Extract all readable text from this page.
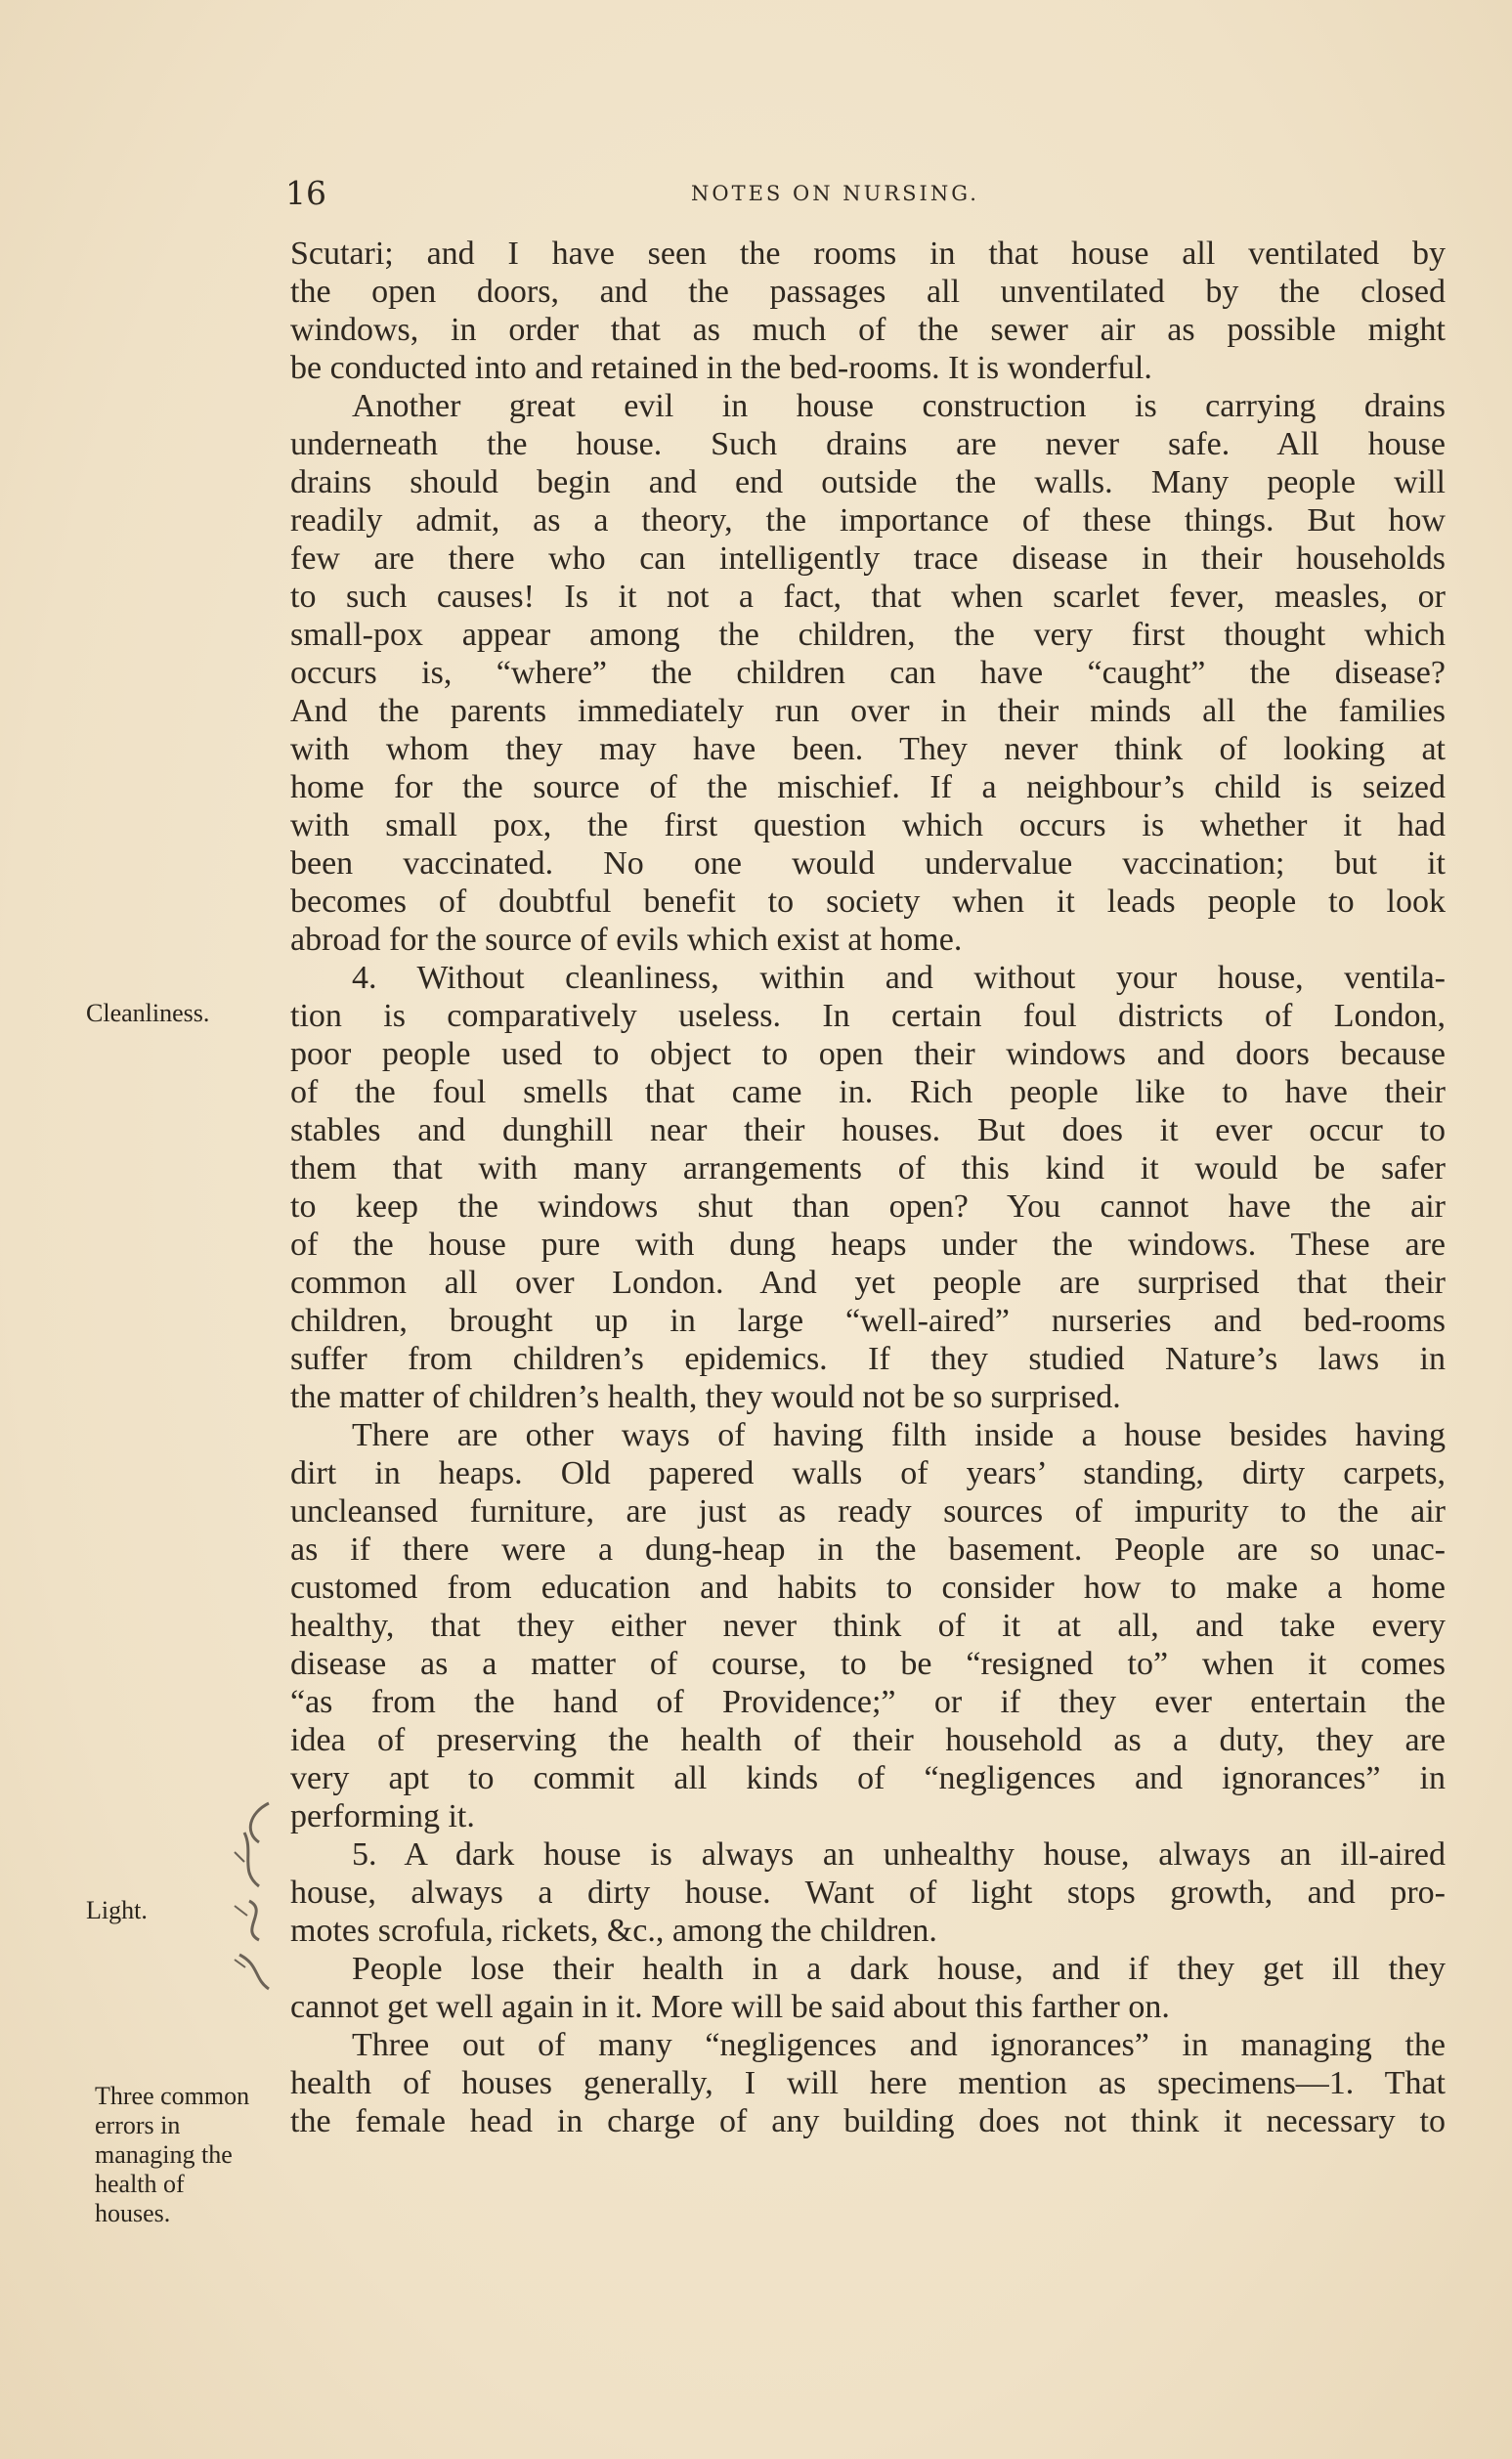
16	NOTES ON NURSING.
Cleanliness.
Light.
Three common
errors in
managing the
health of
houses.
Scutari; and I have seen the rooms in that house all ventilated by
the open doors, and the passages all unventilated by the closed
windows, in order that as much of the sewer air as possible might
be conducted into and retained in the bed-rooms. It is wonderful.
Another great evil in house construction is carrying drains
underneath the house. Such drains are never safe. All house
drains should begin and end outside the walls. Many people will
readily admit, as a theory, the importance of these things. But how
few are there who can intelligently trace disease in their households
to such causes! Is it not a fact, that when scarlet fever, measles, or
small-pox appear among the children, the very first thought which
occurs is, “where” the children can have “caught” the disease?
And the parents immediately run over in their minds all the families
with whom they may have been. They never think of looking at
home for the source of the mischief. If a neighbour’s child is seized
with small pox, the first question which occurs is whether it had
been vaccinated. No one would undervalue vaccination; but it
becomes of doubtful benefit to society when it leads people to look
abroad for the source of evils which exist at home.
4. Without cleanliness, within and without your house, ventila-
tion is comparatively useless. In certain foul districts of London,
poor people used to object to open their windows and doors because
of the foul smells that came in. Rich people like to have their
stables and dunghill near their houses. But does it ever occur to
them that with many arrangements of this kind it would be safer
to keep the windows shut than open? You cannot have the air
of the house pure with dung heaps under the windows. These are
common all over London. And yet people are surprised that their
children, brought up in large “well-aired” nurseries and bed-rooms
suffer from children’s epidemics. If they studied Nature’s laws in
the matter of children’s health, they would not be so surprised.
There are other ways of having filth inside a house besides having
dirt in heaps. Old papered walls of years’ standing, dirty carpets,
uncleansed furniture, are just as ready sources of impurity to the air
as if there were a dung-heap in the basement. People are so unac-
customed from education and habits to consider how to make a home
healthy, that they either never think of it at all, and take every
disease as a matter of course, to be “resigned to” when it comes
“as from the hand of Providence;” or if they ever entertain the
idea of preserving the health of their household as a duty, they are
very apt to commit all kinds of “negligences and ignorances” in
performing it.
5. A dark house is always an unhealthy house, always an ill-aired
house, always a dirty house. Want of light stops growth, and pro-
motes scrofula, rickets, &c., among the children.
People lose their health in a dark house, and if they get ill they
cannot get well again in it. More will be said about this farther on.
Three out of many “negligences and ignorances” in managing the
health of houses generally, I will here mention as specimens—1. That
the female head in charge of any building does not think it necessary to
